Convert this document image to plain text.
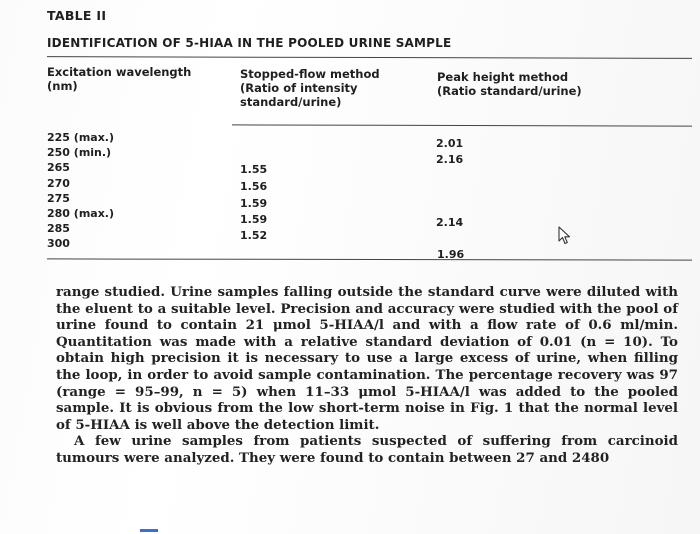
TABLE II
IDENTIFICATION OF 5-HIAA IN THE POOLED URINE SAMPLE
Excitation wavelength
(nm)
Stopped-flow method
(Ratio of intensity
standard/urine)
Peak height method
(Ratio standard/urine)
225 (max.)
250 (min.)
265
270
275
280 (max.)
285
300
1.55
1.56
1.59
1.59
1.52
2.01
2.16
2.14
1.96

range studied. Urine samples falling outside the standard curve were diluted with the eluent to a suitable level. Precision and accuracy were studied with the pool of urine found to contain 21 μmol 5-HIAA/l and with a flow rate of 0.6 ml/min. Quantitation was made with a relative standard deviation of 0.01 (n = 10). To obtain high precision it is necessary to use a large excess of urine, when filling the loop, in order to avoid sample contamination. The percentage recovery was 97 (range = 95–99, n = 5) when 11–33 μmol 5-HIAA/l was added to the pooled sample. It is obvious from the low short-term noise in Fig. 1 that the normal level of 5-HIAA is well above the detection limit.

A few urine samples from patients suspected of suffering from carcinoid tumours were analyzed. They were found to contain between 27 and 2480
